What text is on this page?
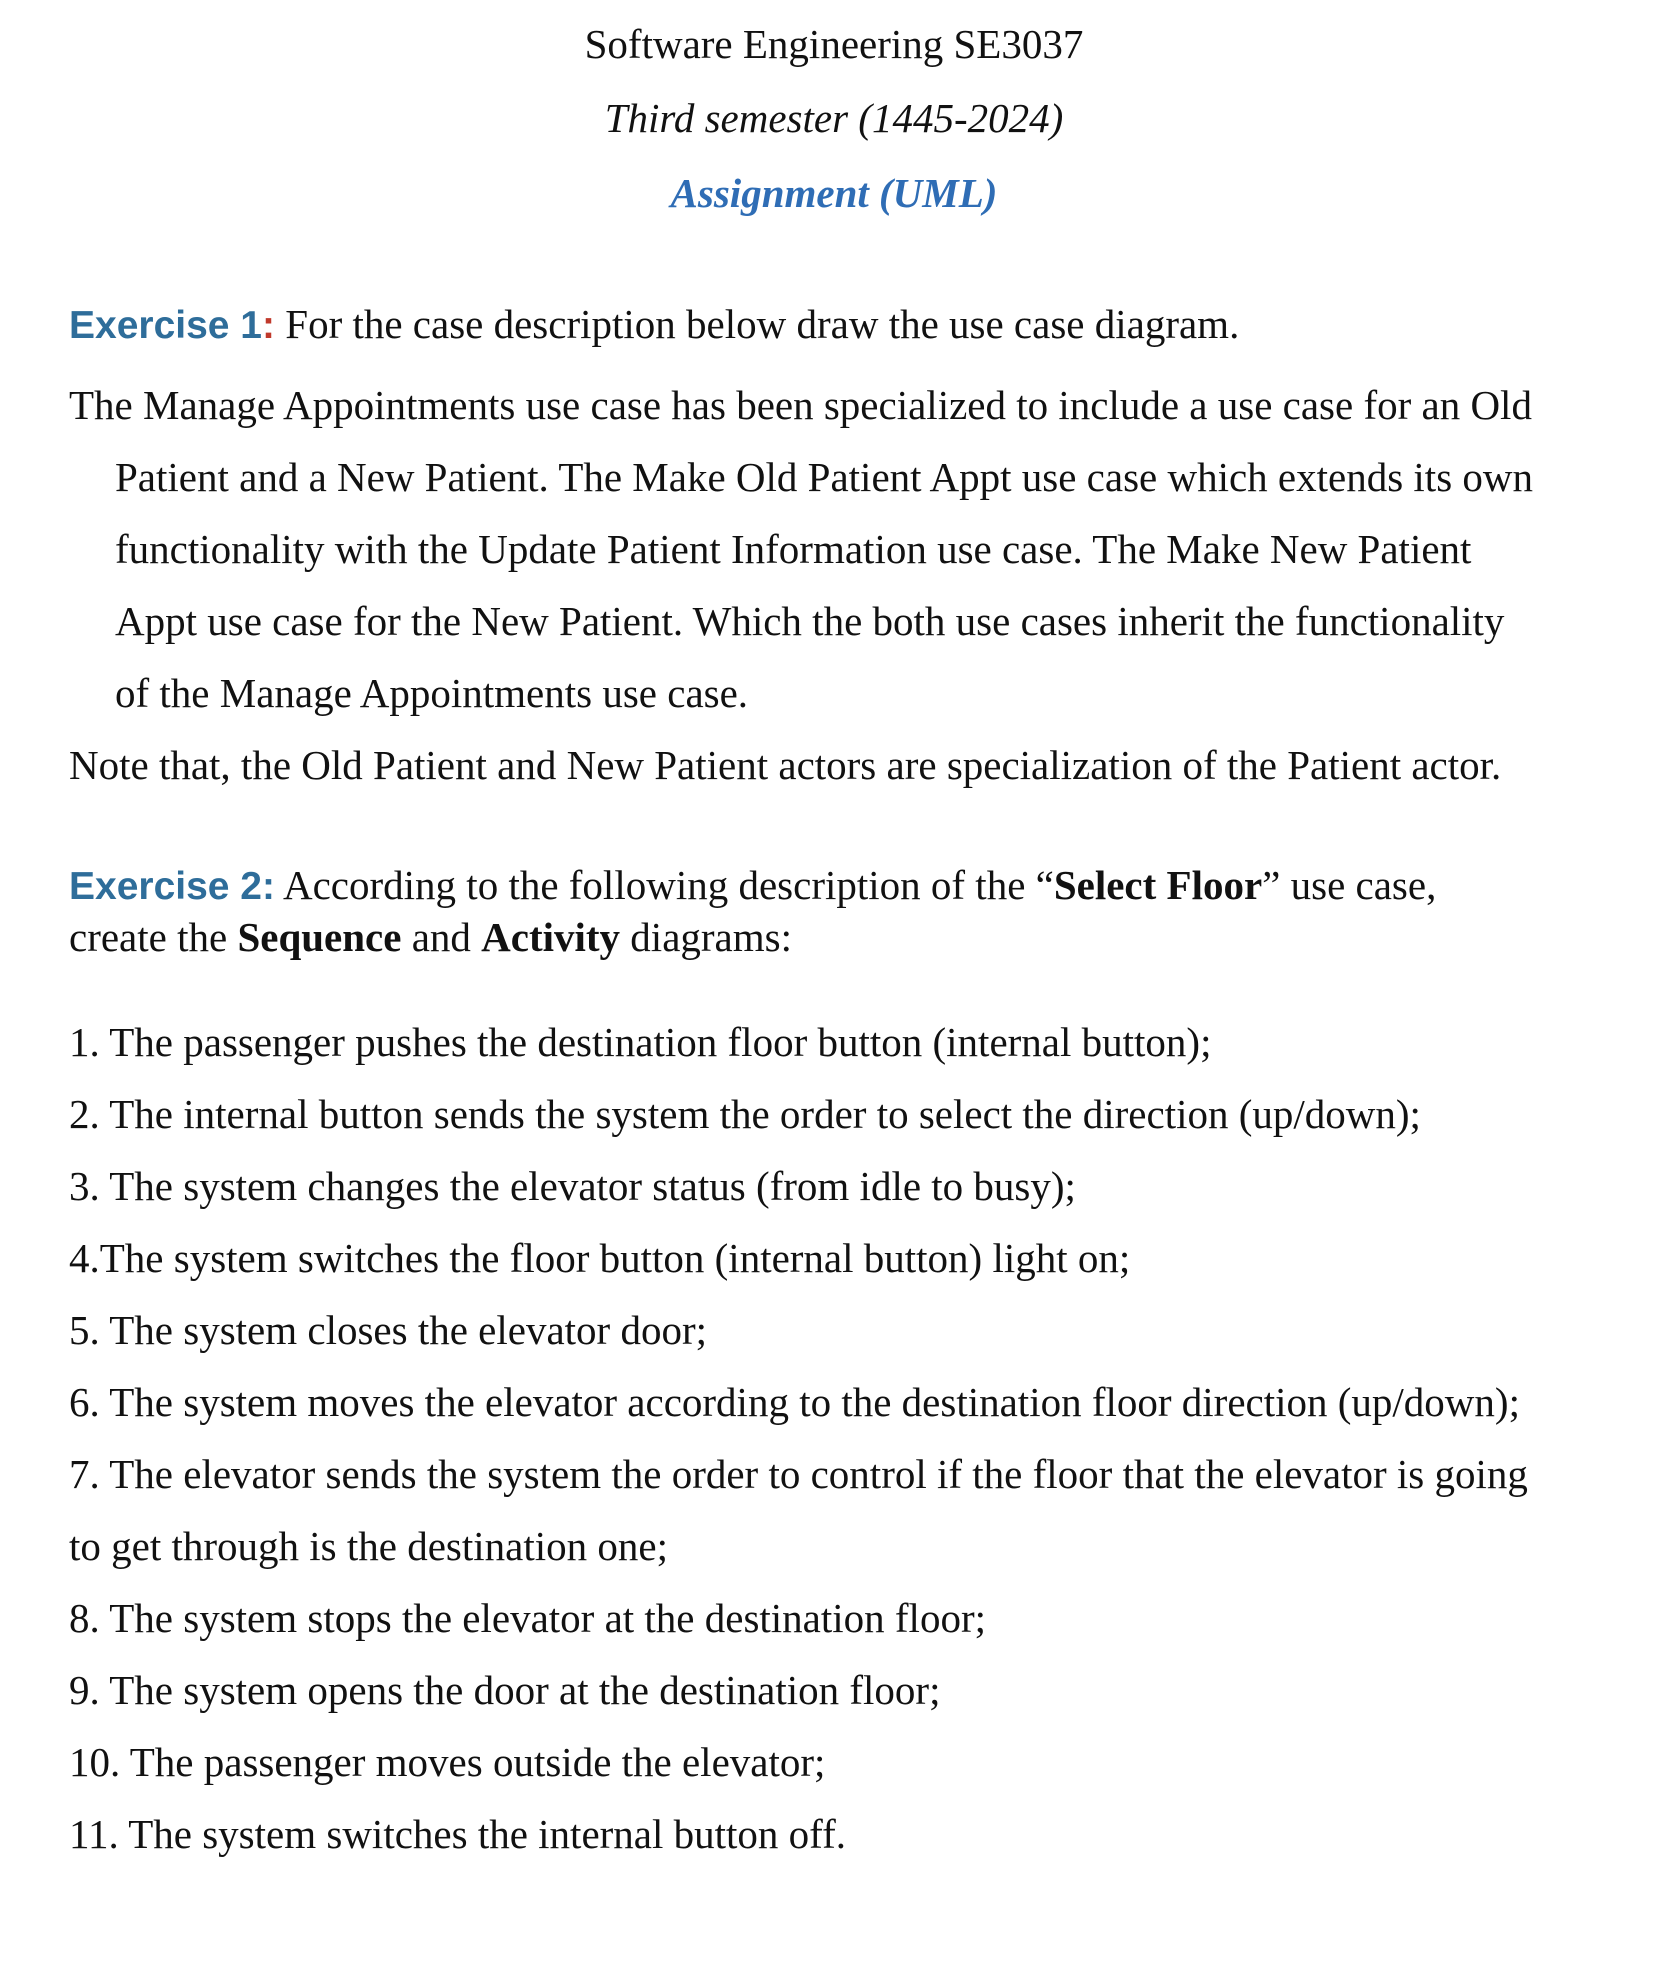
Software Engineering SE3037
Third semester (1445-2024)
Assignment (UML)
Exercise 1: For the case description below draw the use case diagram.
The Manage Appointments use case has been specialized to include a use case for an Old
Patient and a New Patient. The Make Old Patient Appt use case which extends its own
functionality with the Update Patient Information use case. The Make New Patient
Appt use case for the New Patient. Which the both use cases inherit the functionality
of the Manage Appointments use case.
Note that, the Old Patient and New Patient actors are specialization of the Patient actor.
Exercise 2: According to the following description of the “Select Floor” use case,
create the Sequence and Activity diagrams:
1. The passenger pushes the destination floor button (internal button);
2. The internal button sends the system the order to select the direction (up/down);
3. The system changes the elevator status (from idle to busy);
4.The system switches the floor button (internal button) light on;
5. The system closes the elevator door;
6. The system moves the elevator according to the destination floor direction (up/down);
7. The elevator sends the system the order to control if the floor that the elevator is going
to get through is the destination one;
8. The system stops the elevator at the destination floor;
9. The system opens the door at the destination floor;
10. The passenger moves outside the elevator;
11. The system switches the internal button off.
